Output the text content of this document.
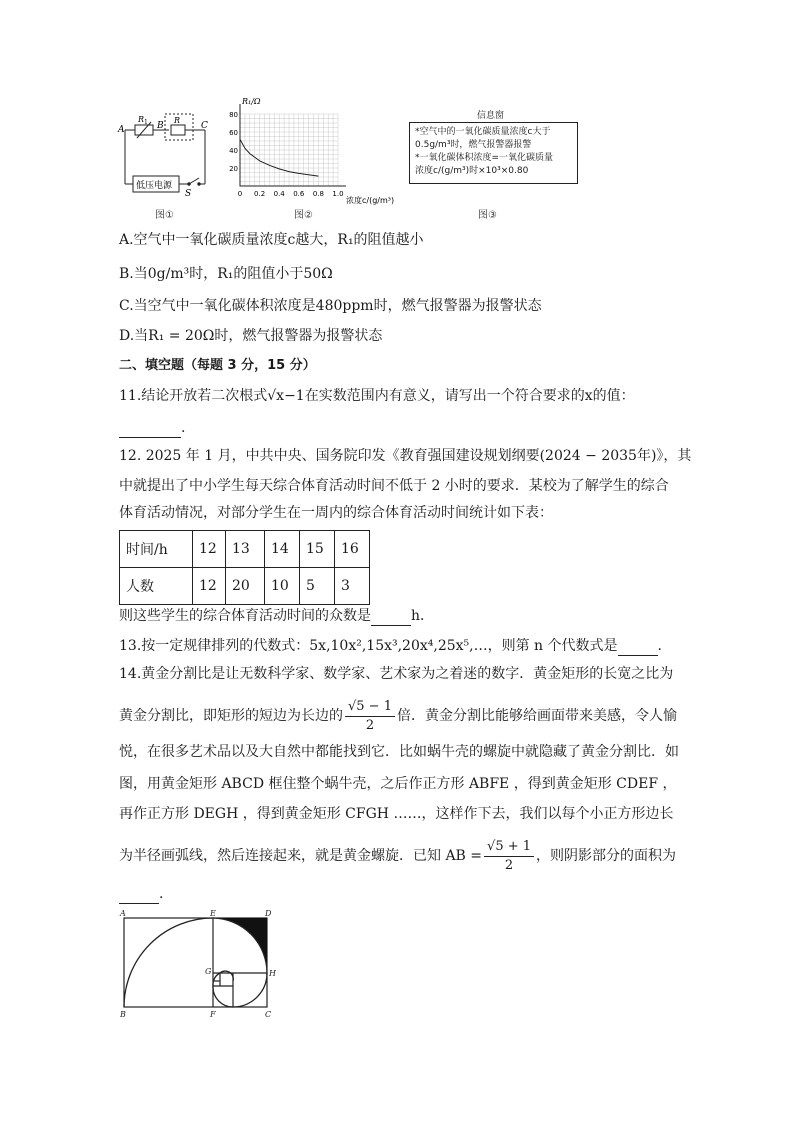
A
R 1 B
R
C
低压电源
S
图①
80
60
40
20
0 0.2 0.4 0.6 0.8 1.0
R₁/Ω
浓度c/(g/m³)
图②
信息窗
*空气中的一氧化碳质量浓度c大于
0.5g/m³时，燃气报警器报警
*一氧化碳体积浓度=一氧化碳质量
浓度c/(g/m³)时×10³×0.80
图③
A.空气中一氧化碳质量浓度c越大，R₁的阻值越小
B.当0g/m³时，R₁的阻值小于50Ω
C.当空气中一氧化碳体积浓度是480ppm时，燃气报警器为报警状态
D.当R₁ = 20Ω时，燃气报警器为报警状态
二、填空题（每题 3 分，15 分）
11.结论开放若二次根式√x−1在实数范围内有意义，请写出一个符合要求的x的值：
.
12. 2025 年 1 月，中共中央、国务院印发《教育强国建设规划纲要(2024 − 2035年)》，其
中就提出了中小学生每天综合体育活动时间不低于 2 小时的要求．某校为了解学生的综合
体育活动情况，对部分学生在一周内的综合体育活动时间统计如下表：
时间/h	12	13	14	15	16
人数	12	20	10	5	3
则这些学生的综合体育活动时间的众数是	h．
13.按一定规律排列的代数式：5x,10x²,15x³,20x⁴,25x⁵,…，则第 n 个代数式是	.
14.黄金分割比是让无数科学家、数学家、艺术家为之着迷的数字．黄金矩形的长宽之比为
黄金分割比，即矩形的短边为长边的 $\frac{√5 - 1}{2}$ 倍．黄金分割比能够给画面带来美感，令人愉
悦，在很多艺术品以及大自然中都能找到它．比如蜗牛壳的螺旋中就隐藏了黄金分割比．如
图，用黄金矩形 ABCD 框住整个蜗牛壳，之后作正方形 ABFE ，得到黄金矩形 CDEF ，
再作正方形 DEGH ，得到黄金矩形 CFGH ……，这样作下去，我们以每个小正方形边长
为半径画弧线，然后连接起来，就是黄金螺旋．已知 AB = $\frac{√5 + 1}{2}$ ，则阴影部分的面积为
.
A	E	D
G	H
B	F	C
